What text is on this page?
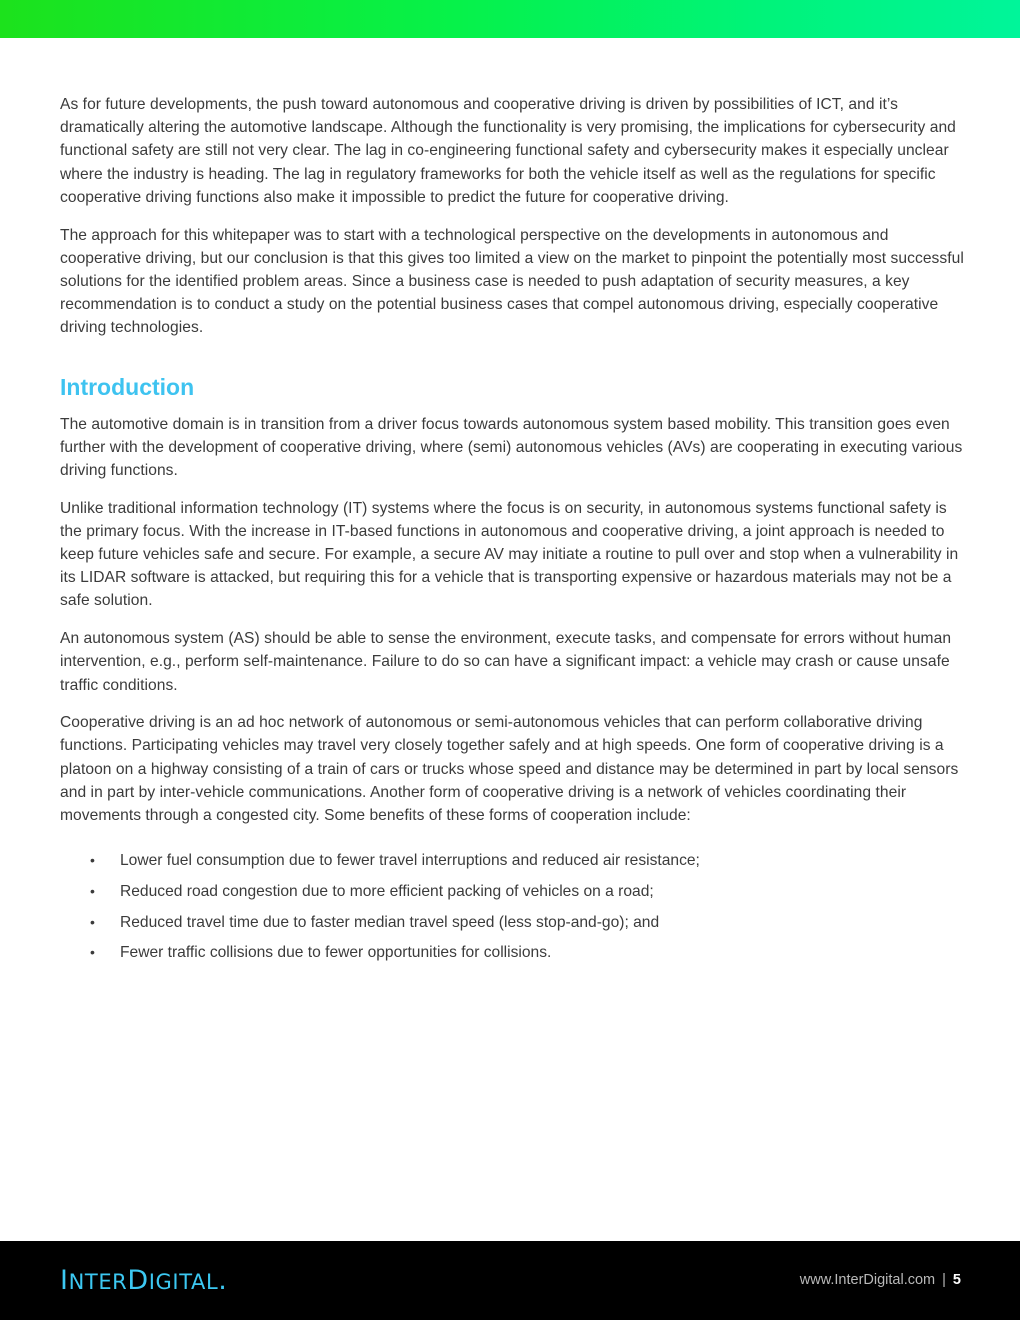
As for future developments, the push toward autonomous and cooperative driving is driven by possibilities of ICT, and it’s dramatically altering the automotive landscape. Although the functionality is very promising, the implications for cybersecurity and functional safety are still not very clear. The lag in co-engineering functional safety and cybersecurity makes it especially unclear where the industry is heading. The lag in regulatory frameworks for both the vehicle itself as well as the regulations for specific cooperative driving functions also make it impossible to predict the future for cooperative driving.

The approach for this whitepaper was to start with a technological perspective on the developments in autonomous and cooperative driving, but our conclusion is that this gives too limited a view on the market to pinpoint the potentially most successful solutions for the identified problem areas. Since a business case is needed to push adaptation of security measures, a key recommendation is to conduct a study on the potential business cases that compel autonomous driving, especially cooperative driving technologies.

Introduction

The automotive domain is in transition from a driver focus towards autonomous system based mobility. This transition goes even further with the development of cooperative driving, where (semi) autonomous vehicles (AVs) are cooperating in executing various driving functions.

Unlike traditional information technology (IT) systems where the focus is on security, in autonomous systems functional safety is the primary focus. With the increase in IT-based functions in autonomous and cooperative driving, a joint approach is needed to keep future vehicles safe and secure. For example, a secure AV may initiate a routine to pull over and stop when a vulnerability in its LIDAR software is attacked, but requiring this for a vehicle that is transporting expensive or hazardous materials may not be a safe solution.

An autonomous system (AS) should be able to sense the environment, execute tasks, and compensate for errors without human intervention, e.g., perform self-maintenance. Failure to do so can have a significant impact: a vehicle may crash or cause unsafe traffic conditions.

Cooperative driving is an ad hoc network of autonomous or semi-autonomous vehicles that can perform collaborative driving functions. Participating vehicles may travel very closely together safely and at high speeds. One form of cooperative driving is a platoon on a highway consisting of a train of cars or trucks whose speed and distance may be determined in part by local sensors and in part by inter-vehicle communications. Another form of cooperative driving is a network of vehicles coordinating their movements through a congested city. Some benefits of these forms of cooperation include:

• Lower fuel consumption due to fewer travel interruptions and reduced air resistance;
• Reduced road congestion due to more efficient packing of vehicles on a road;
• Reduced travel time due to faster median travel speed (less stop-and-go); and
• Fewer traffic collisions due to fewer opportunities for collisions.
INTERDIGITAL.	www.InterDigital.com | 5
